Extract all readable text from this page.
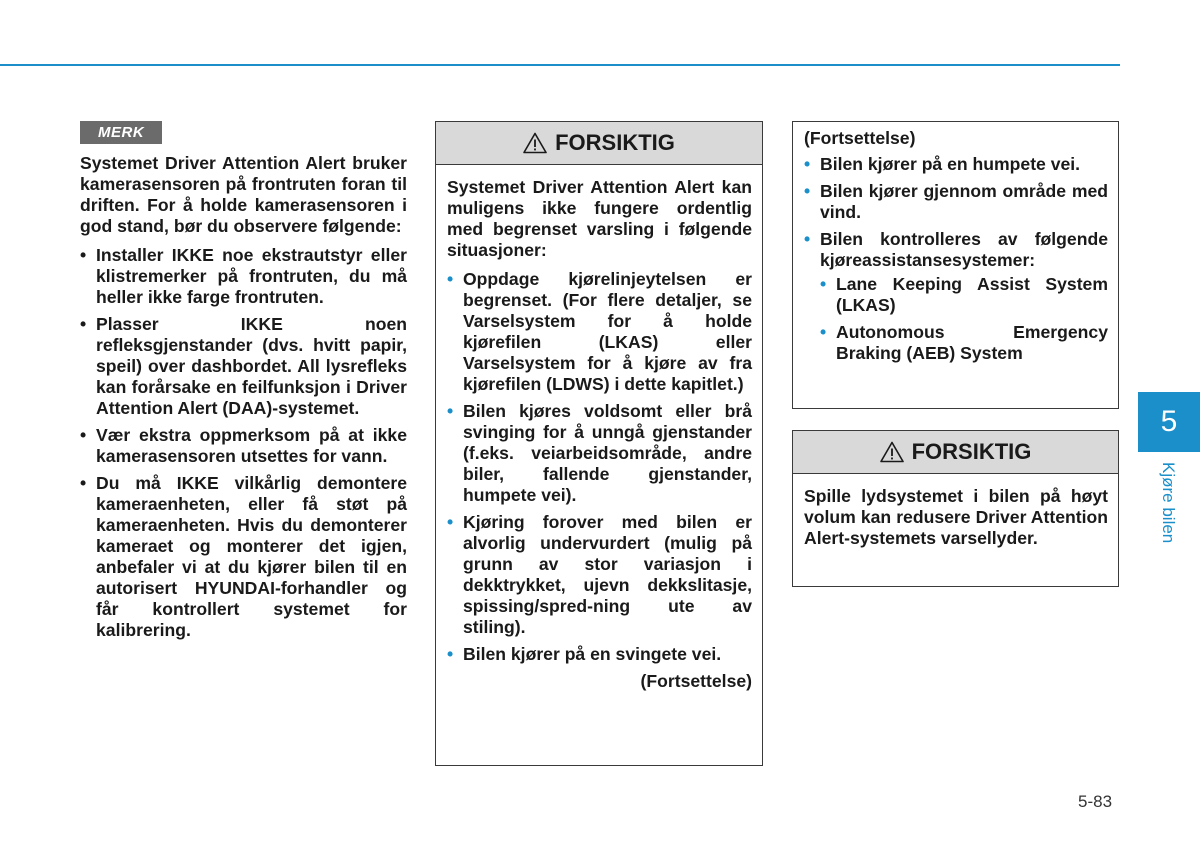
MERK

Systemet Driver Attention Alert bruker kamerasensoren på frontruten foran til driften. For å holde kamerasensoren i god stand, bør du observere følgende:

• Installer IKKE noe ekstrautstyr eller klistremerker på frontruten, du må heller ikke farge frontruten.
• Plasser IKKE noen refleksgjenstander (dvs. hvitt papir, speil) over dashbordet. All lysrefleks kan forårsake en feilfunksjon i Driver Attention Alert (DAA)-systemet.
• Vær ekstra oppmerksom på at ikke kamerasensoren utsettes for vann.
• Du må IKKE vilkårlig demontere kameraenheten, eller få støt på kameraenheten. Hvis du demonterer kameraet og monterer det igjen, anbefaler vi at du kjører bilen til en autorisert HYUNDAI-forhandler og får kontrollert systemet for kalibrering.
FORSIKTIG

Systemet Driver Attention Alert kan muligens ikke fungere ordentlig med begrenset varsling i følgende situasjoner:

• Oppdage kjørelinjeytelsen er begrenset. (For flere detaljer, se Varselsystem for å holde kjørefilen (LKAS) eller Varselsystem for å kjøre av fra kjørefilen (LDWS) i dette kapitlet.)
• Bilen kjøres voldsomt eller brå svinging for å unngå gjenstander (f.eks. veiarbeidsområde, andre biler, fallende gjenstander, humpete vei).
• Kjøring forover med bilen er alvorlig undervurdert (mulig på grunn av stor variasjon i dekktrykket, ujevn dekkslitasje, spissing/spred-ning ute av stiling).
• Bilen kjører på en svingete vei.

(Fortsettelse)

(Fortsettelse)

• Bilen kjører på en humpete vei.
• Bilen kjører gjennom område med vind.
• Bilen kontrolleres av følgende kjøreassistansesystemer:
• Lane Keeping Assist System (LKAS)
• Autonomous Emergency Braking (AEB) System
FORSIKTIG

Spille lydsystemet i bilen på høyt volum kan redusere Driver Attention Alert-systemets varsellyder.

5
Kjøre bilen
5-83
